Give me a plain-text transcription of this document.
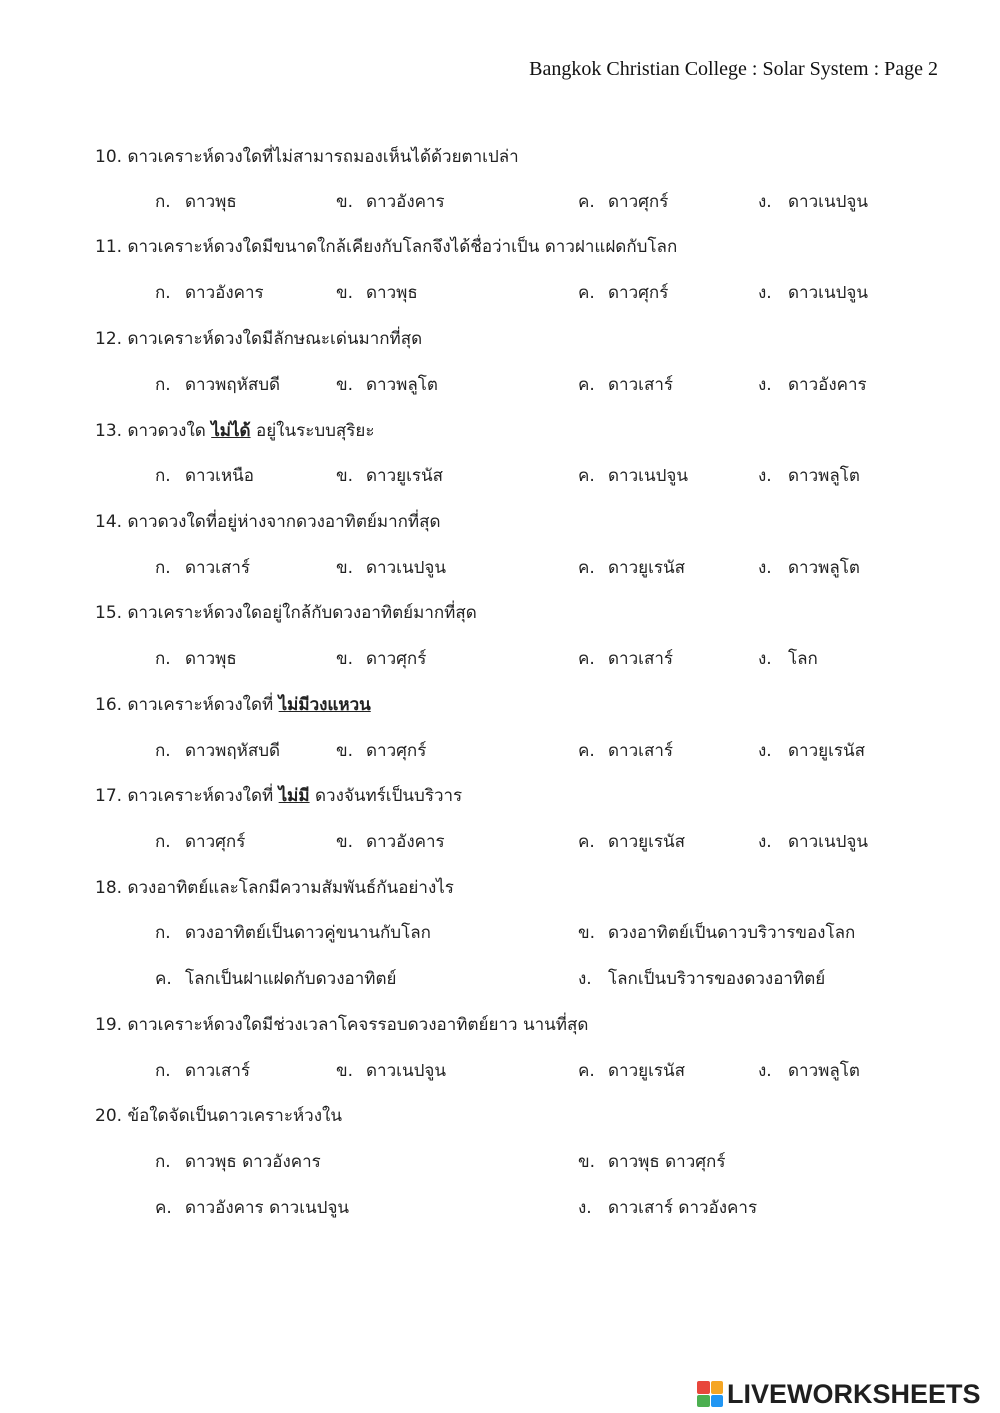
Bangkok Christian College : Solar System : Page 2
10. ดาวเคราะห์ดวงใดที่ไม่สามารถมองเห็นได้ด้วยตาเปล่า
ก. ดาวพุธ	ข. ดาวอังคาร	ค. ดาวศุกร์	ง. ดาวเนปจูน
11. ดาวเคราะห์ดวงใดมีขนาดใกล้เคียงกับโลกจึงได้ชื่อว่าเป็น ดาวฝาแฝดกับโลก
ก. ดาวอังคาร	ข. ดาวพุธ	ค. ดาวศุกร์	ง. ดาวเนปจูน
12. ดาวเคราะห์ดวงใดมีลักษณะเด่นมากที่สุด
ก. ดาวพฤหัสบดี	ข. ดาวพลูโต	ค. ดาวเสาร์	ง. ดาวอังคาร
13. ดาวดวงใด ไม่ได้ อยู่ในระบบสุริยะ
ก. ดาวเหนือ	ข. ดาวยูเรนัส	ค. ดาวเนปจูน	ง. ดาวพลูโต
14. ดาวดวงใดที่อยู่ห่างจากดวงอาทิตย์มากที่สุด
ก. ดาวเสาร์	ข. ดาวเนปจูน	ค. ดาวยูเรนัส	ง. ดาวพลูโต
15. ดาวเคราะห์ดวงใดอยู่ใกล้กับดวงอาทิตย์มากที่สุด
ก. ดาวพุธ	ข. ดาวศุกร์	ค. ดาวเสาร์	ง. โลก
16. ดาวเคราะห์ดวงใดที่ ไม่มีวงแหวน
ก. ดาวพฤหัสบดี	ข. ดาวศุกร์	ค. ดาวเสาร์	ง. ดาวยูเรนัส
17. ดาวเคราะห์ดวงใดที่ ไม่มี ดวงจันทร์เป็นบริวาร
ก. ดาวศุกร์	ข. ดาวอังคาร	ค. ดาวยูเรนัส	ง. ดาวเนปจูน
18. ดวงอาทิตย์และโลกมีความสัมพันธ์กันอย่างไร
ก. ดวงอาทิตย์เป็นดาวคู่ขนานกับโลก	ข. ดวงอาทิตย์เป็นดาวบริวารของโลก
ค. โลกเป็นฝาแฝดกับดวงอาทิตย์	ง. โลกเป็นบริวารของดวงอาทิตย์
19. ดาวเคราะห์ดวงใดมีช่วงเวลาโคจรรอบดวงอาทิตย์ยาว นานที่สุด
ก. ดาวเสาร์	ข. ดาวเนปจูน	ค. ดาวยูเรนัส	ง. ดาวพลูโต
20. ข้อใดจัดเป็นดาวเคราะห์วงใน
ก. ดาวพุธ ดาวอังคาร	ข. ดาวพุธ ดาวศุกร์
ค. ดาวอังคาร ดาวเนปจูน	ง. ดาวเสาร์ ดาวอังคาร
LIVEWORKSHEETS
